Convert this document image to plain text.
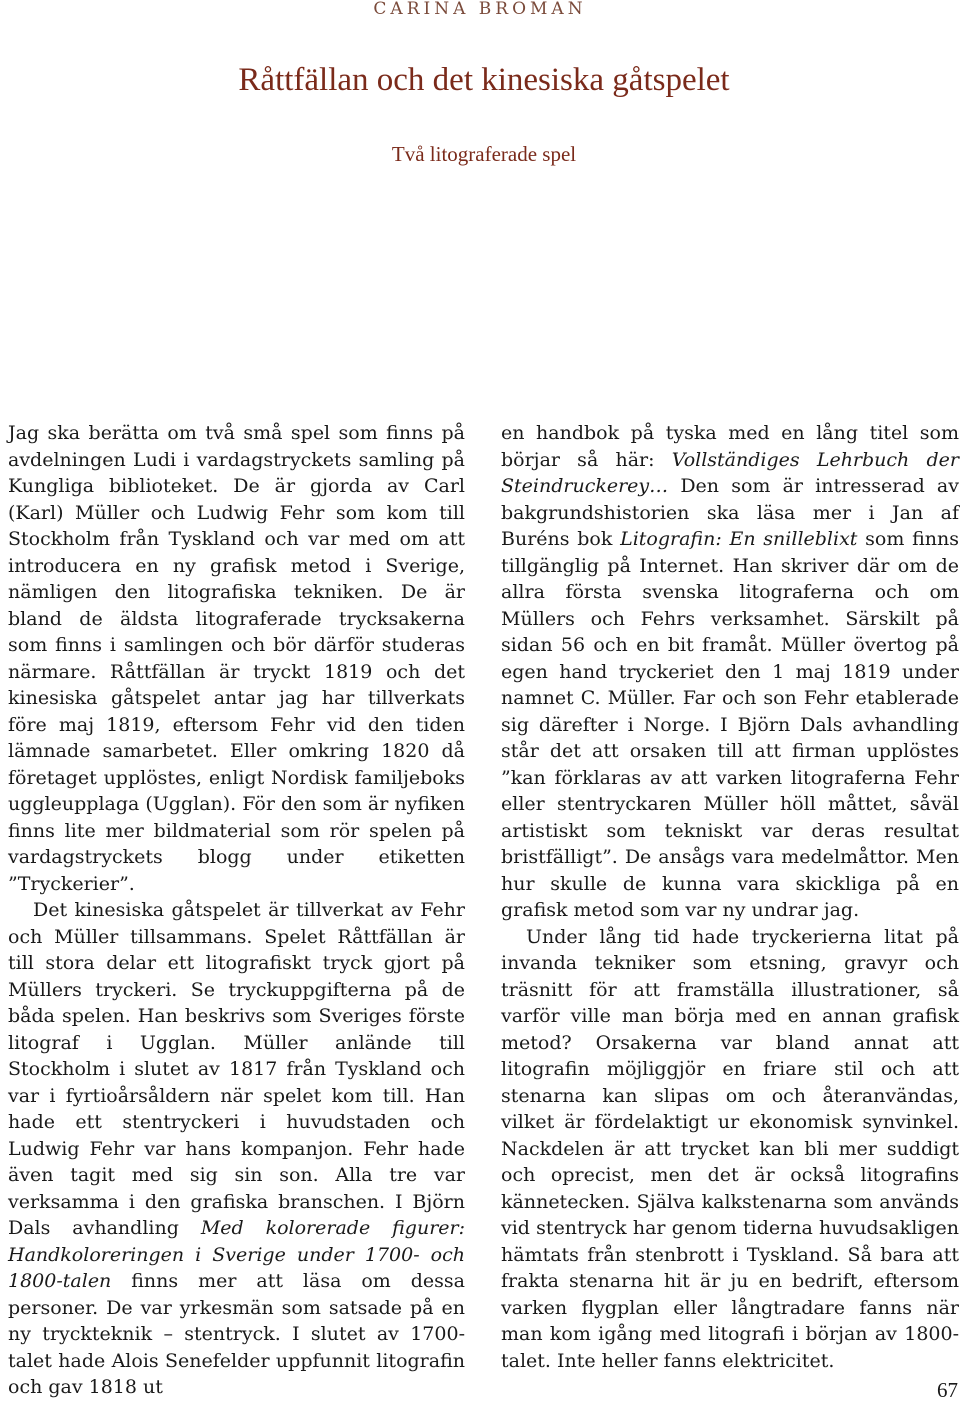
CARINA BROMAN
Råttfällan och det kinesiska gåtspelet
Två litograferade spel

Jag ska berätta om två små spel som finns på avdelningen Ludi i vardagstryckets samling på Kungliga biblioteket. De är gjorda av Carl (Karl) Müller och Ludwig Fehr som kom till Stockholm från Tyskland och var med om att introducera en ny grafisk metod i Sverige, nämligen den litografiska tekniken. De är bland de äldsta litograferade trycksakerna som finns i samlingen och bör därför studeras närmare. Råttfällan är tryckt 1819 och det kinesiska gåtspelet antar jag har tillverkats före maj 1819, eftersom Fehr vid den tiden lämnade samarbetet. Eller omkring 1820 då företaget upplöstes, enligt Nordisk familjeboks uggleupplaga (Ugglan). För den som är nyfiken finns lite mer bildmaterial som rör spelen på vardagstryckets blogg under etiketten ”Tryckerier”.

Det kinesiska gåtspelet är tillverkat av Fehr och Müller tillsammans. Spelet Råttfällan är till stora delar ett litografiskt tryck gjort på Müllers tryckeri. Se tryckuppgifterna på de båda spelen. Han beskrivs som Sveriges förste litograf i Ugglan. Müller anlände till Stockholm i slutet av 1817 från Tyskland och var i fyrtioårsåldern när spelet kom till. Han hade ett stentryckeri i huvudstaden och Ludwig Fehr var hans kompanjon. Fehr hade även tagit med sig sin son. Alla tre var verksamma i den grafiska branschen. I Björn Dals avhandling Med kolorerade figurer: Handkoloreringen i Sverige under 1700- och 1800-talen finns mer att läsa om dessa personer. De var yrkesmän som satsade på en ny tryckteknik – stentryck. I slutet av 1700-talet hade Alois Senefelder uppfunnit litografin och gav 1818 ut

en handbok på tyska med en lång titel som börjar så här: Vollständiges Lehrbuch der Steindruckerey… Den som är intresserad av bakgrundshistorien ska läsa mer i Jan af Buréns bok Litografin: En snilleblixt som finns tillgänglig på Internet. Han skriver där om de allra första svenska litograferna och om Müllers och Fehrs verksamhet. Särskilt på sidan 56 och en bit framåt. Müller övertog på egen hand tryckeriet den 1 maj 1819 under namnet C. Müller. Far och son Fehr etablerade sig därefter i Norge. I Björn Dals avhandling står det att orsaken till att firman upplöstes ”kan förklaras av att varken litograferna Fehr eller stentryckaren Müller höll måttet, såväl artistiskt som tekniskt var deras resultat bristfälligt”. De ansågs vara medelmåttor. Men hur skulle de kunna vara skickliga på en grafisk metod som var ny undrar jag.

Under lång tid hade tryckerierna litat på invanda tekniker som etsning, gravyr och träsnitt för att framställa illustrationer, så varför ville man börja med en annan grafisk metod? Orsakerna var bland annat att litografin möjliggjör en friare stil och att stenarna kan slipas om och återanvändas, vilket är fördelaktigt ur ekonomisk synvinkel. Nackdelen är att trycket kan bli mer suddigt och oprecist, men det är också litografins kännetecken. Själva kalkstenarna som används vid stentryck har genom tiderna huvudsakligen hämtats från stenbrott i Tyskland. Så bara att frakta stenarna hit är ju en bedrift, eftersom varken flygplan eller långtradare fanns när man kom igång med litografi i början av 1800-talet. Inte heller fanns elektricitet.

67
